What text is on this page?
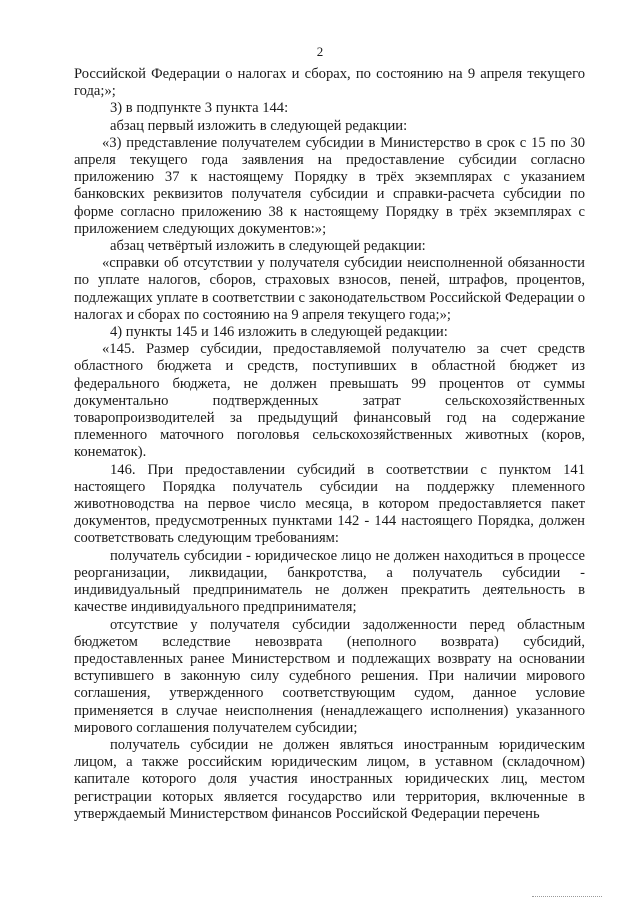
2

Российской Федерации о налогах и сборах, по состоянию на 9 апреля текущего года;»;

3) в подпункте 3 пункта 144:

абзац первый изложить в следующей редакции:

«3) представление получателем субсидии в Министерство в срок с 15 по 30 апреля текущего года заявления на предоставление субсидии согласно приложению 37 к настоящему Порядку в трёх экземплярах с указанием банковских реквизитов получателя субсидии и справки-расчета субсидии по форме согласно приложению 38 к настоящему Порядку в трёх экземплярах с приложением следующих документов:»;

абзац четвёртый изложить в следующей редакции:

«справки об отсутствии у получателя субсидии неисполненной обязанности по уплате налогов, сборов, страховых взносов, пеней, штрафов, процентов, подлежащих уплате в соответствии с законодательством Российской Федерации о налогах и сборах по состоянию на 9 апреля текущего года;»;

4) пункты 145 и 146 изложить в следующей редакции:

«145. Размер субсидии, предоставляемой получателю за счет средств областного бюджета и средств, поступивших в областной бюджет из федерального бюджета, не должен превышать 99 процентов от суммы документально подтвержденных затрат сельскохозяйственных товаропроизводителей за предыдущий финансовый год на содержание племенного маточного поголовья сельскохозяйственных животных (коров, конематок).

146. При предоставлении субсидий в соответствии с пунктом 141 настоящего Порядка получатель субсидии на поддержку племенного животноводства на первое число месяца, в котором предоставляется пакет документов, предусмотренных пунктами 142 - 144 настоящего Порядка, должен соответствовать следующим требованиям:

получатель субсидии - юридическое лицо не должен находиться в процессе реорганизации, ликвидации, банкротства, а получатель субсидии - индивидуальный предприниматель не должен прекратить деятельность в качестве индивидуального предпринимателя;

отсутствие у получателя субсидии задолженности перед областным бюджетом вследствие невозврата (неполного возврата) субсидий, предоставленных ранее Министерством и подлежащих возврату на основании вступившего в законную силу судебного решения. При наличии мирового соглашения, утвержденного соответствующим судом, данное условие применяется в случае неисполнения (ненадлежащего исполнения) указанного мирового соглашения получателем субсидии;

получатель субсидии не должен являться иностранным юридическим лицом, а также российским юридическим лицом, в уставном (складочном) капитале которого доля участия иностранных юридических лиц, местом регистрации которых является государство или территория, включенные в утверждаемый Министерством финансов Российской Федерации перечень
